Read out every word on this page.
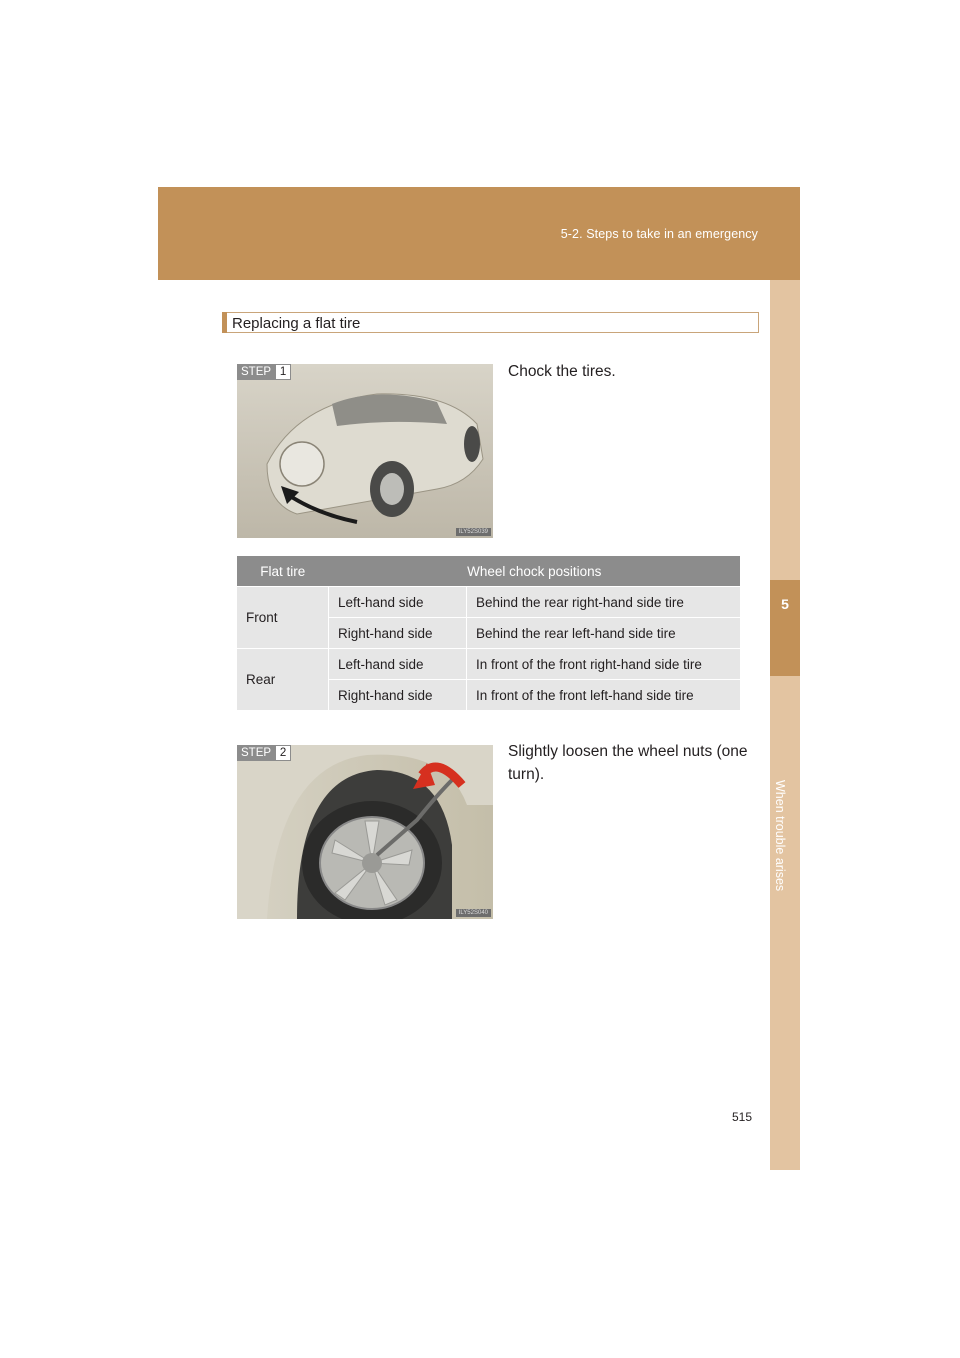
5-2. Steps to take in an emergency
5
When trouble arises
Replacing a flat tire
STEP 1
ILY52S039
Chock the tires.
Flat tire	Wheel chock positions	
Front	Left-hand side	Behind the rear right-hand side tire
	Right-hand side	Behind the rear left-hand side tire
Rear	Left-hand side	In front of the front right-hand side tire
	Right-hand side	In front of the front left-hand side tire
STEP 2
ILY52S040
Slightly loosen the wheel nuts (one turn).
515
